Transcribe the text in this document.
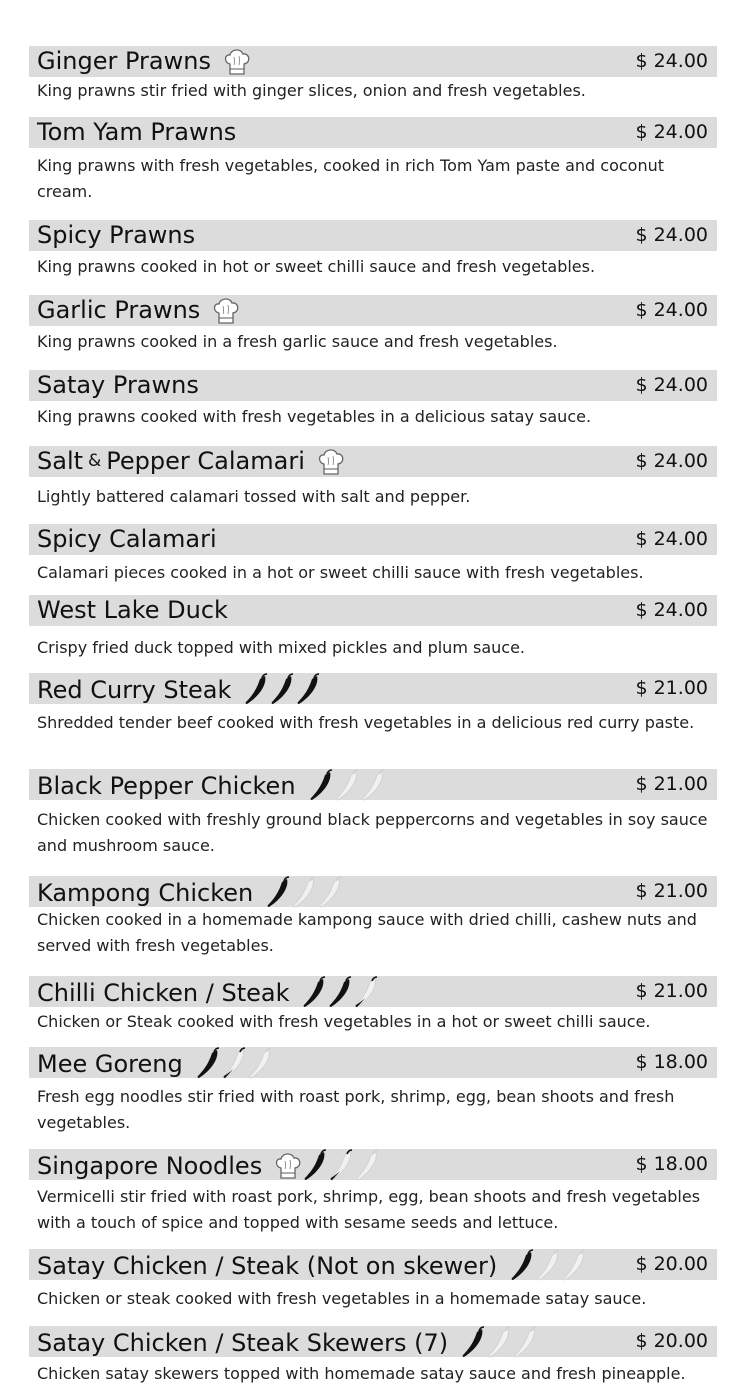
Ginger Prawns	$ 24.00
King prawns stir fried with ginger slices, onion and fresh vegetables.
Tom Yam Prawns	$ 24.00
King prawns with fresh vegetables, cooked in rich Tom Yam paste and coconut cream.
Spicy Prawns	$ 24.00
King prawns cooked in hot or sweet chilli sauce and fresh vegetables.
Garlic Prawns	$ 24.00
King prawns cooked in a fresh garlic sauce and fresh vegetables.
Satay Prawns	$ 24.00
King prawns cooked with fresh vegetables in a delicious satay sauce.
Salt & Pepper Calamari	$ 24.00
Lightly battered calamari tossed with salt and pepper.
Spicy Calamari	$ 24.00
Calamari pieces cooked in a hot or sweet chilli sauce with fresh vegetables.
West Lake Duck	$ 24.00
Crispy fried duck topped with mixed pickles and plum sauce.
Red Curry Steak	$ 21.00
Shredded tender beef cooked with fresh vegetables in a delicious red curry paste.
Black Pepper Chicken	$ 21.00
Chicken cooked with freshly ground black peppercorns and vegetables in soy sauce and mushroom sauce.
Kampong Chicken	$ 21.00
Chicken cooked in a homemade kampong sauce with dried chilli, cashew nuts and served with fresh vegetables.
Chilli Chicken / Steak	$ 21.00
Chicken or Steak cooked with fresh vegetables in a hot or sweet chilli sauce.
Mee Goreng	$ 18.00
Fresh egg noodles stir fried with roast pork, shrimp, egg, bean shoots and fresh vegetables.
Singapore Noodles	$ 18.00
Vermicelli stir fried with roast pork, shrimp, egg, bean shoots and fresh vegetables with a touch of spice and topped with sesame seeds and lettuce.
Satay Chicken / Steak (Not on skewer)	$ 20.00
Chicken or steak cooked with fresh vegetables in a homemade satay sauce.
Satay Chicken / Steak Skewers (7)	$ 20.00
Chicken satay skewers topped with homemade satay sauce and fresh pineapple.
